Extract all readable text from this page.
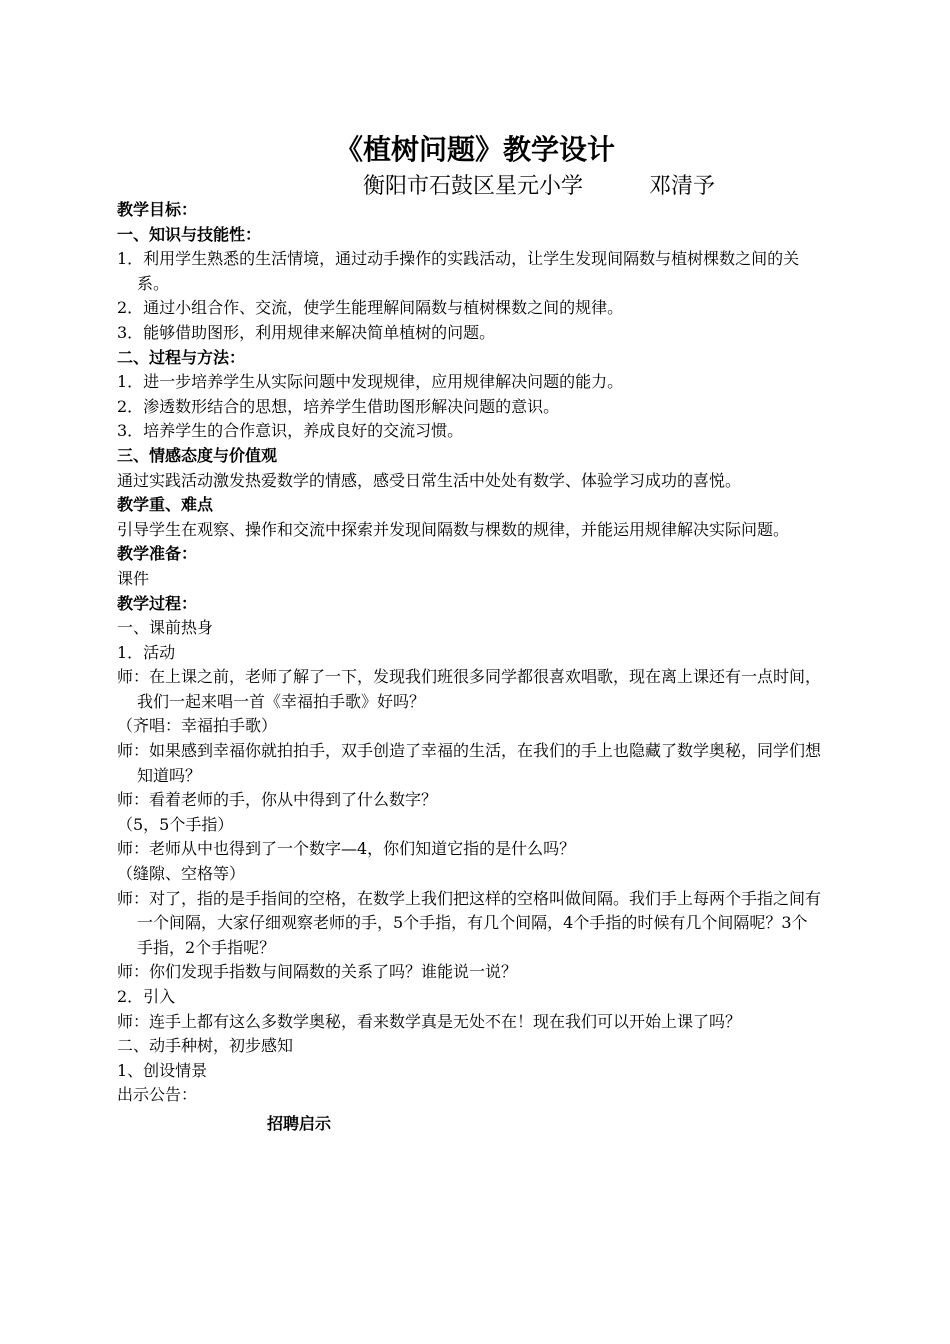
《植树问题》教学设计
衡阳市石鼓区星元小学　　　邓清予

教学目标：

一、知识与技能性：

1．利用学生熟悉的生活情境，通过动手操作的实践活动，让学生发现间隔数与植树棵数之间的关系。

2．通过小组合作、交流，使学生能理解间隔数与植树棵数之间的规律。

3．能够借助图形，利用规律来解决简单植树的问题。

二、过程与方法：

1．进一步培养学生从实际问题中发现规律，应用规律解决问题的能力。

2．渗透数形结合的思想，培养学生借助图形解决问题的意识。

3．培养学生的合作意识，养成良好的交流习惯。

三、情感态度与价值观

通过实践活动激发热爱数学的情感，感受日常生活中处处有数学、体验学习成功的喜悦。

教学重、难点

引导学生在观察、操作和交流中探索并发现间隔数与棵数的规律，并能运用规律解决实际问题。

教学准备：

课件

教学过程：

一、课前热身

1．活动

师：在上课之前，老师了解了一下，发现我们班很多同学都很喜欢唱歌，现在离上课还有一点时间，我们一起来唱一首《幸福拍手歌》好吗？

（齐唱：幸福拍手歌）

师：如果感到幸福你就拍拍手，双手创造了幸福的生活，在我们的手上也隐藏了数学奥秘，同学们想知道吗？

师：看着老师的手，你从中得到了什么数字？

（5，5个手指）

师：老师从中也得到了一个数字—4，你们知道它指的是什么吗？

（缝隙、空格等）

师：对了，指的是手指间的空格，在数学上我们把这样的空格叫做间隔。我们手上每两个手指之间有一个间隔，大家仔细观察老师的手，5个手指，有几个间隔，4个手指的时候有几个间隔呢？3个手指，2个手指呢？

师：你们发现手指数与间隔数的关系了吗？谁能说一说？

2．引入

师：连手上都有这么多数学奥秘，看来数学真是无处不在！现在我们可以开始上课了吗？

二、动手种树，初步感知

1、创设情景

出示公告：

招聘启示
